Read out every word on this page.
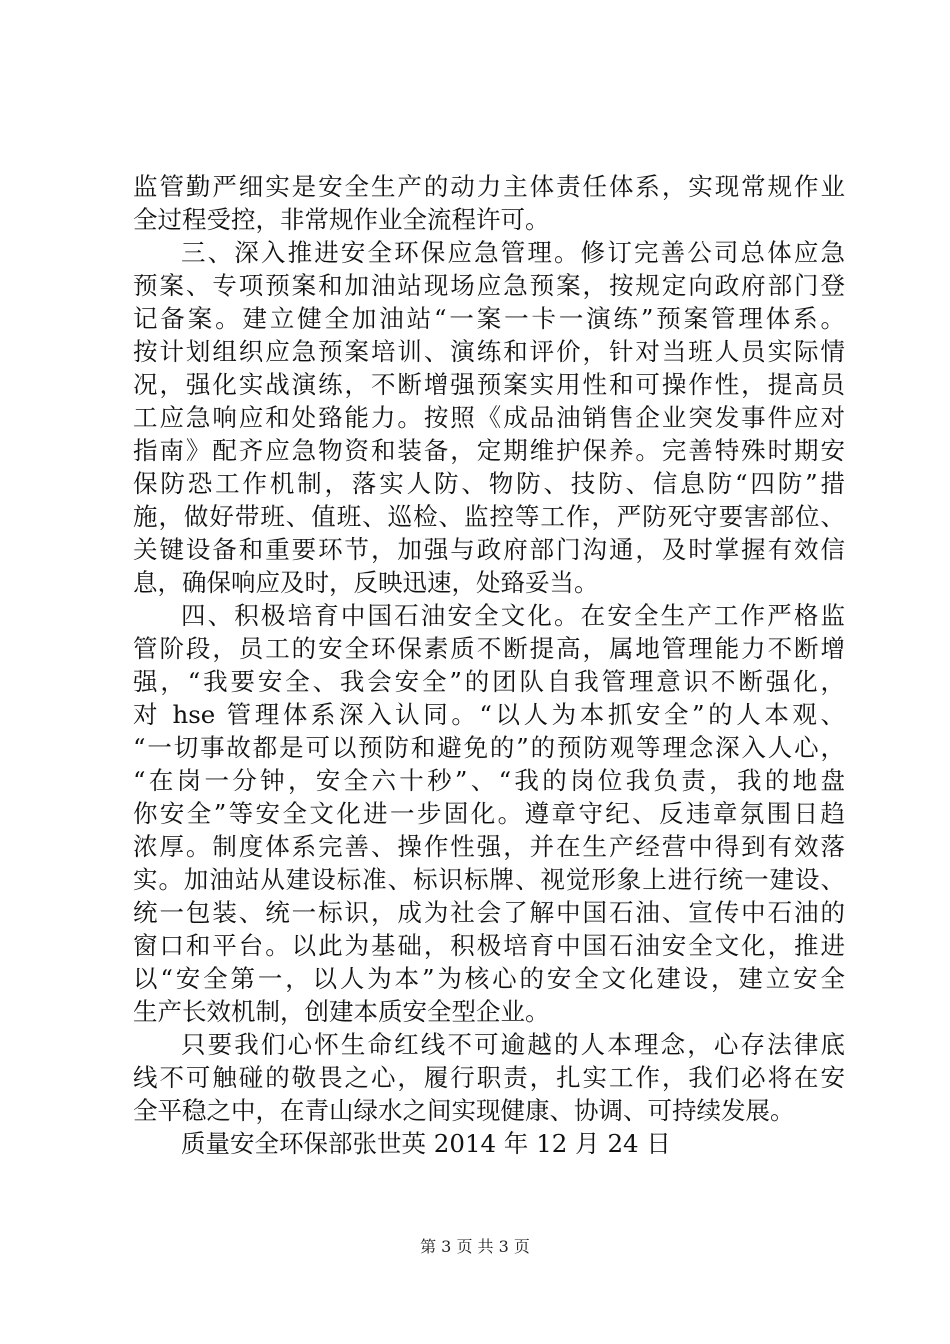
监管勤严细实是安全生产的动力主体责任体系，实现常规作业
全过程受控，非常规作业全流程许可。
三、深入推进安全环保应急管理。修订完善公司总体应急
预案、专项预案和加油站现场应急预案，按规定向政府部门登
记备案。建立健全加油站“一案一卡一演练”预案管理体系。
按计划组织应急预案培训、演练和评价，针对当班人员实际情
况，强化实战演练，不断增强预案实用性和可操作性，提高员
工应急响应和处臵能力。按照《成品油销售企业突发事件应对
指南》配齐应急物资和装备，定期维护保养。完善特殊时期安
保防恐工作机制，落实人防、物防、技防、信息防“四防”措
施，做好带班、值班、巡检、监控等工作，严防死守要害部位、
关键设备和重要环节，加强与政府部门沟通，及时掌握有效信
息，确保响应及时，反映迅速，处臵妥当。
四、积极培育中国石油安全文化。在安全生产工作严格监
管阶段，员工的安全环保素质不断提高，属地管理能力不断增
强，“我要安全、我会安全”的团队自我管理意识不断强化，
对 hse 管理体系深入认同。“以人为本抓安全”的人本观、
“一切事故都是可以预防和避免的”的预防观等理念深入人心，
“在岗一分钟，安全六十秒”、“我的岗位我负责，我的地盘
你安全”等安全文化进一步固化。遵章守纪、反违章氛围日趋
浓厚。制度体系完善、操作性强，并在生产经营中得到有效落
实。加油站从建设标准、标识标牌、视觉形象上进行统一建设、
统一包装、统一标识，成为社会了解中国石油、宣传中石油的
窗口和平台。以此为基础，积极培育中国石油安全文化，推进
以“安全第一，以人为本”为核心的安全文化建设，建立安全
生产长效机制，创建本质安全型企业。
只要我们心怀生命红线不可逾越的人本理念，心存法律底
线不可触碰的敬畏之心，履行职责，扎实工作，我们必将在安
全平稳之中，在青山绿水之间实现健康、协调、可持续发展。
质量安全环保部张世英 2014 年 12 月 24 日
第 3 页 共 3 页
